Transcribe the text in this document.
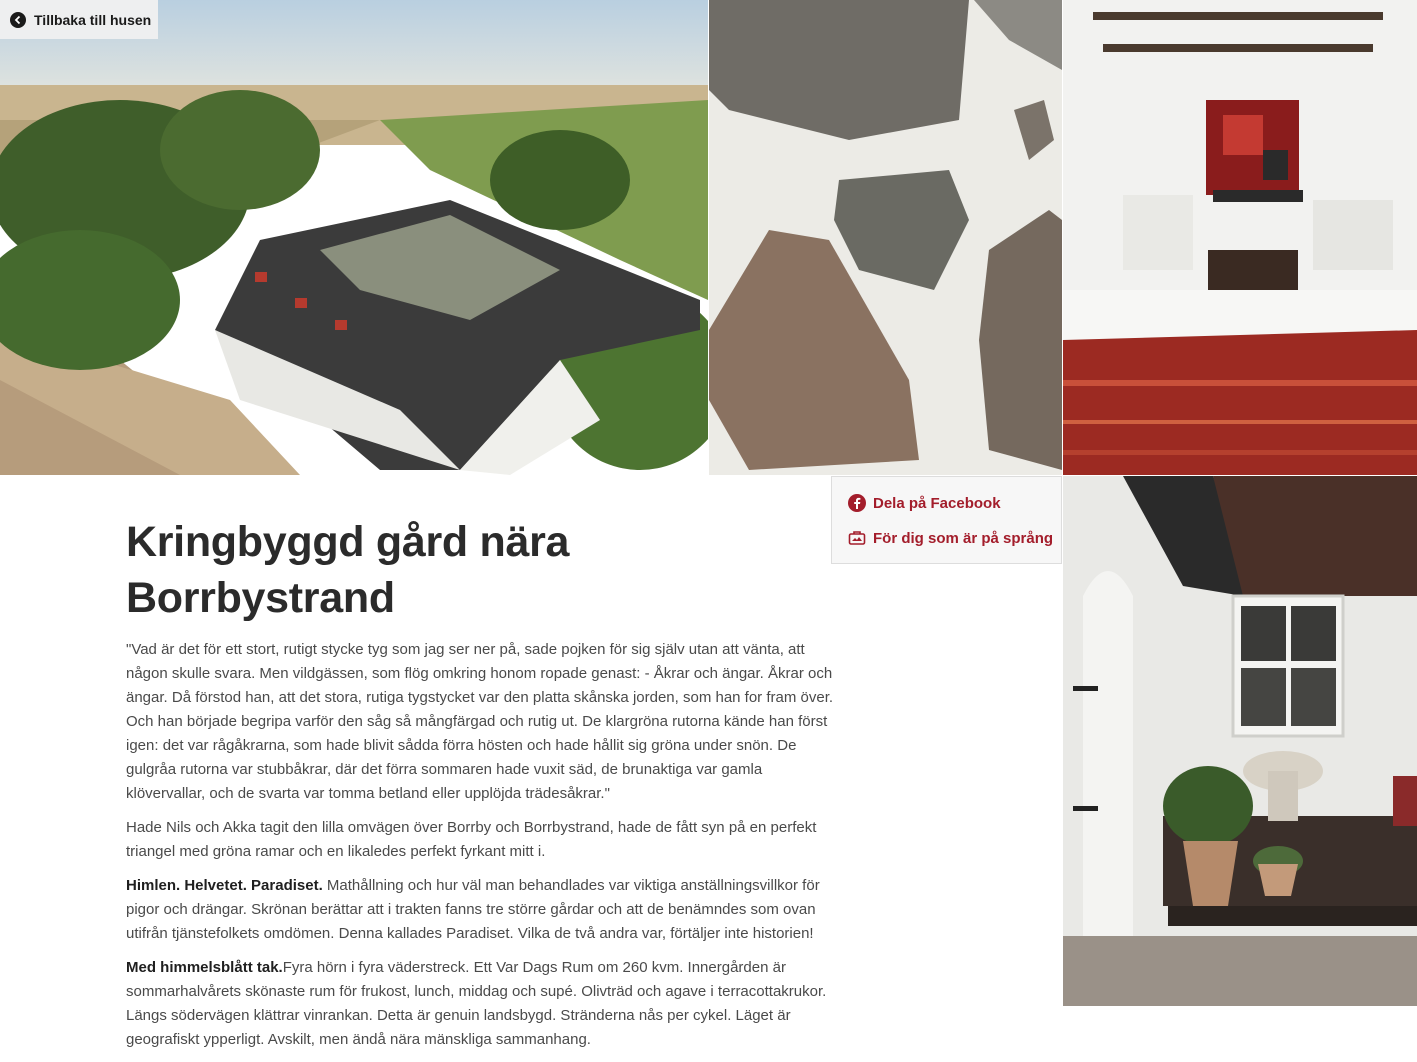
Tillbaka till husen
Dela på Facebook
För dig som är på språng
Kringbyggd gård nära Borrbystrand

"Vad är det för ett stort, rutigt stycke tyg som jag ser ner på, sade pojken för sig själv utan att vänta, att någon skulle svara. Men vildgässen, som flög omkring honom ropade genast: - Åkrar och ängar. Åkrar och ängar. Då förstod han, att det stora, rutiga tygstycket var den platta skånska jorden, som han for fram över. Och han började begripa varför den såg så mångfärgad och rutig ut. De klargröna rutorna kände han först igen: det var rågåkrarna, som hade blivit sådda förra hösten och hade hållit sig gröna under snön. De gulgråa rutorna var stubbåkrar, där det förra sommaren hade vuxit säd, de brunaktiga var gamla klövervallar, och de svarta var tomma betland eller upplöjda trädesåkrar."

Hade Nils och Akka tagit den lilla omvägen över Borrby och Borrbystrand, hade de fått syn på en perfekt triangel med gröna ramar och en likaledes perfekt fyrkant mitt i.

Himlen. Helvetet. Paradiset. Mathållning och hur väl man behandlades var viktiga anställningsvillkor för pigor och drängar. Skrönan berättar att i trakten fanns tre större gårdar och att de benämndes som ovan utifrån tjänstefolkets omdömen. Denna kallades Paradiset. Vilka de två andra var, förtäljer inte historien!

Med himmelsblått tak.Fyra hörn i fyra väderstreck. Ett Var Dags Rum om 260 kvm. Innergården är sommarhalvårets skönaste rum för frukost, lunch, middag och supé. Olivträd och agave i terracottakrukor. Längs södervägen klättrar vinrankan. Detta är genuin landsbygd. Stränderna nås per cykel. Läget är geografiskt ypperligt. Avskilt, men ändå nära mänskliga sammanhang.
